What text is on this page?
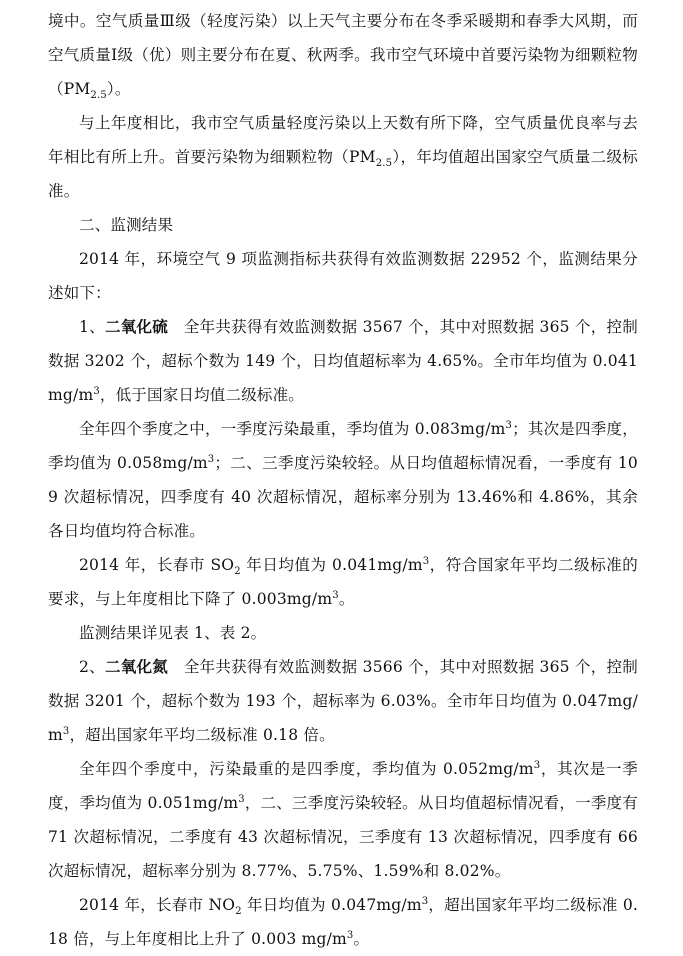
境中。空气质量Ⅲ级（轻度污染）以上天气主要分布在冬季采暖期和春季大风期，而空气质量Ⅰ级（优）则主要分布在夏、秋两季。我市空气环境中首要污染物为细颗粒物$(PM_{2.5})$。

与上年度相比，我市空气质量轻度污染以上天数有所下降，空气质量优良率与去年相比有所上升。首要污染物为细颗粒物$(PM_{2.5})$，年均值超出国家空气质量二级标准。

二、监测结果

2014 年，环境空气 9 项监测指标共获得有效监测数据 22952 个，监测结果分述如下：

1、二氧化硫　全年共获得有效监测数据 3567 个，其中对照数据 365 个，控制数据 3202 个，超标个数为 149 个，日均值超标率为 4.65%。全市年均值为 $0.041mg/m^3$，低于国家日均值二级标准。

全年四个季度之中，一季度污染最重，季均值为 $0.083mg/m^3$；其次是四季度，季均值为 $0.058mg/m^3$；二、三季度污染较轻。从日均值超标情况看，一季度有 109 次超标情况，四季度有 40 次超标情况，超标率分别为 13.46%和 4.86%，其余各日均值均符合标准。

2014 年，长春市 $SO_2$ 年日均值为 $0.041mg/m^3$，符合国家年平均二级标准的要求，与上年度相比下降了 $0.003mg/m^3$。

监测结果详见表 1、表 2。

2、二氧化氮　全年共获得有效监测数据 3566 个，其中对照数据 365 个，控制数据 3201 个，超标个数为 193 个，超标率为 6.03%。全市年日均值为 $0.047mg/m^3$，超出国家年平均二级标准 0.18 倍。

全年四个季度中，污染最重的是四季度，季均值为 $0.052mg/m^3$，其次是一季度，季均值为 $0.051mg/m^3$，二、三季度污染较轻。从日均值超标情况看，一季度有 71 次超标情况，二季度有 43 次超标情况，三季度有 13 次超标情况，四季度有 66 次超标情况，超标率分别为 8.77%、5.75%、1.59%和 8.02%。

2014 年，长春市 $NO_2$ 年日均值为 $0.047mg/m^3$，超出国家年平均二级标准 0.18 倍，与上年度相比上升了 0.003 $mg/m^3$。
